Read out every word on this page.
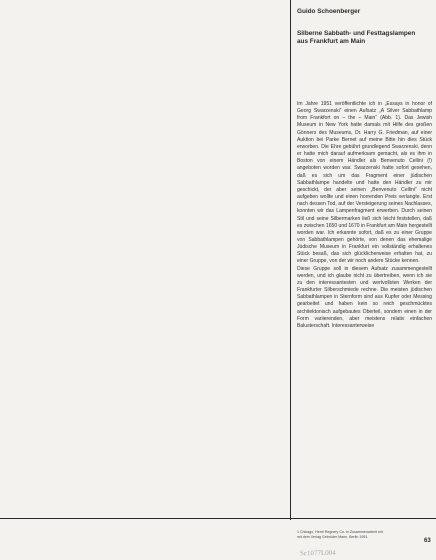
Guido Schoenberger
Silberne Sabbath- und Festtagslampen
aus Frankfurt am Main

Im Jahre 1951 veröffentlichte ich in „Essays in honor of Georg Swarzenski“ einen Aufsatz „A Silver Sabbathlamp from Frankfort on – the – Main“ (Abb. 1). Das Jewish Museum in New York hatte damals mit Hilfe des großen Gönners des Museums, Dr. Harry G. Friedman, auf einer Auktion bei Parke Bernet auf meine Bitte hin dies Stück erworben. Die Ehre gebührt grundlegend Swarzenski, denn er hatte mich darauf aufmerksam gemacht, als es ihm in Boston von einem Händler als Benvenuto Cellini (!) angeboten worden war. Swarzenski hatte sofort gesehen, daß es sich um das Fragment einer jüdischen Sabbathlampe handelte und hatte den Händler zu mir geschickt, der aber seinen „Benvenuto Cellini“ nicht aufgeben wollte und einen horrenden Preis verlangte. Erst nach dessen Tod, auf der Versteigerung seines Nachlasses, konnten wir das Lampenfragment erwerben. Durch seinen Stil und seine Silbermarken ließ sich leicht feststellen, daß es zwischen 1650 und 1670 in Frankfurt am Main hergestellt worden war. Ich erkannte sofort, daß es zu einer Gruppe von Sabbathlampen gehörte, von denen das ehemalige Jüdische Museum in Frankfurt ein vollständig erhaltenes Stück besaß, das sich glücklicherweise erhalten hat, zu einer Gruppe, von der wir noch andere Stücke kennen.

Diese Gruppe soll in diesem Aufsatz zusammengestellt werden, und ich glaube nicht zu übertreiben, wenn ich sie zu den interessantesten und wertvollsten Werken der Frankfurter Silberschmiede rechne. Die meisten jüdischen Sabbathlampen in Sternform sind aus Kupfer oder Messing gearbeitet und haben kein so reich geschmücktes architektonisch aufgebautes Oberteil, sondern einen in der Form variierenden, aber meistens relativ einfachen Balusterschaft. Interessanterweise

1 Chicago, Henri Regnery Co. In Zusammenarbeit mit
mit dem Verlag Gebrüder Mann, Berlin 1951.
63
Sc1077L004
